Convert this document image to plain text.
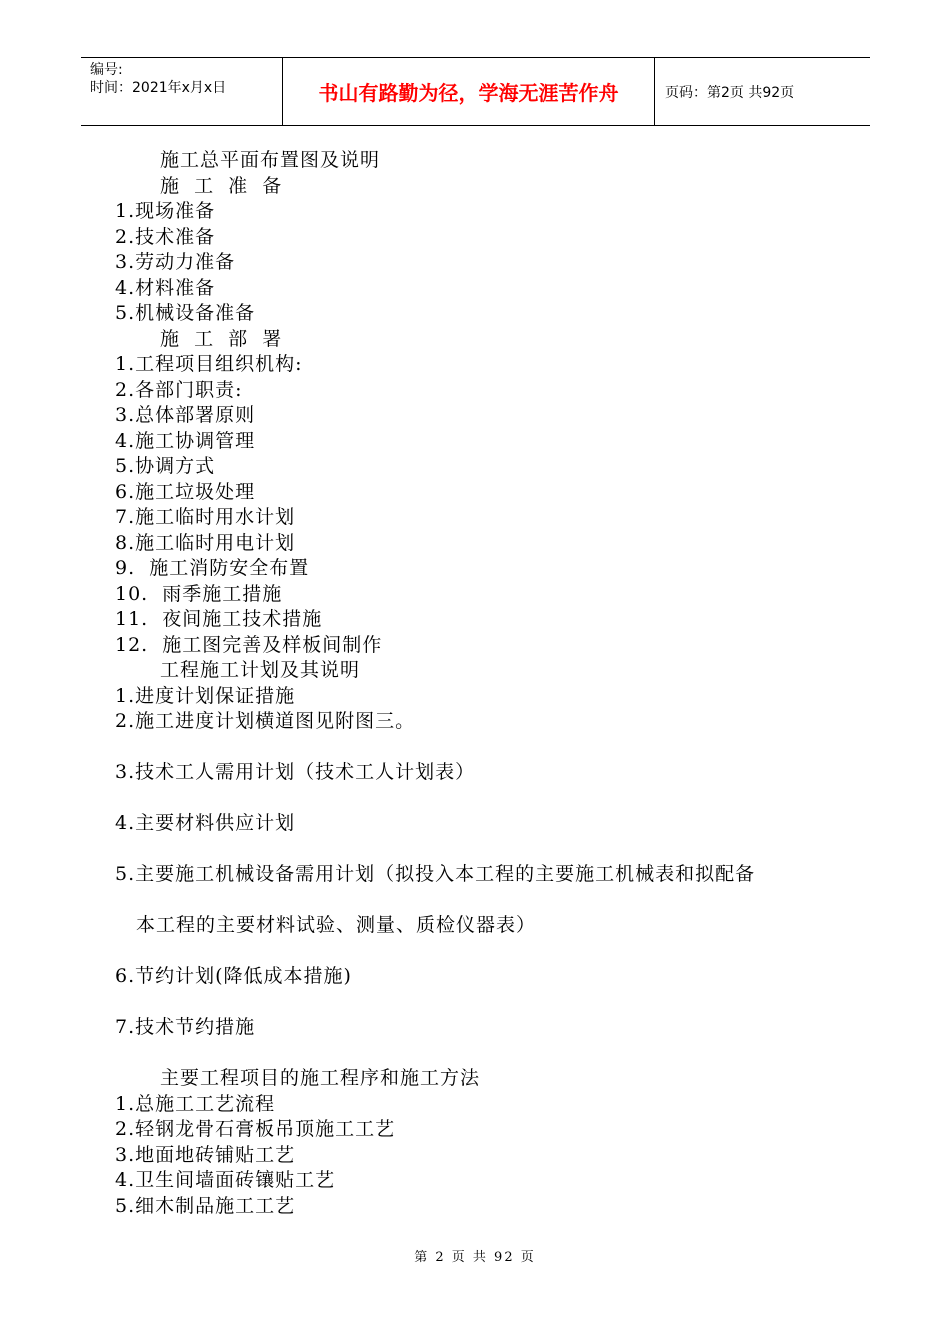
编号:
时间：2021年x月x日	书山有路勤为径，学海无涯苦作舟	页码：第2页 共92页
施工总平面布置图及说明
施  工  准  备
1.现场准备
2.技术准备
3.劳动力准备
4.材料准备
5.机械设备准备
施  工  部  署
1.工程项目组织机构:
2.各部门职责:
3.总体部署原则
4.施工协调管理
5.协调方式
6.施工垃圾处理
7.施工临时用水计划
8.施工临时用电计划
9.  施工消防安全布置
10.  雨季施工措施
11.  夜间施工技术措施
12.  施工图完善及样板间制作
工程施工计划及其说明
1.进度计划保证措施
2.施工进度计划横道图见附图三。
3.技术工人需用计划（技术工人计划表）
4.主要材料供应计划
5.主要施工机械设备需用计划（拟投入本工程的主要施工机械表和拟配备
本工程的主要材料试验、测量、质检仪器表）
6.节约计划(降低成本措施)
7.技术节约措施
主要工程项目的施工程序和施工方法
1.总施工工艺流程
2.轻钢龙骨石膏板吊顶施工工艺
3.地面地砖铺贴工艺
4.卫生间墙面砖镶贴工艺
5.细木制品施工工艺
第 2 页 共 92 页
